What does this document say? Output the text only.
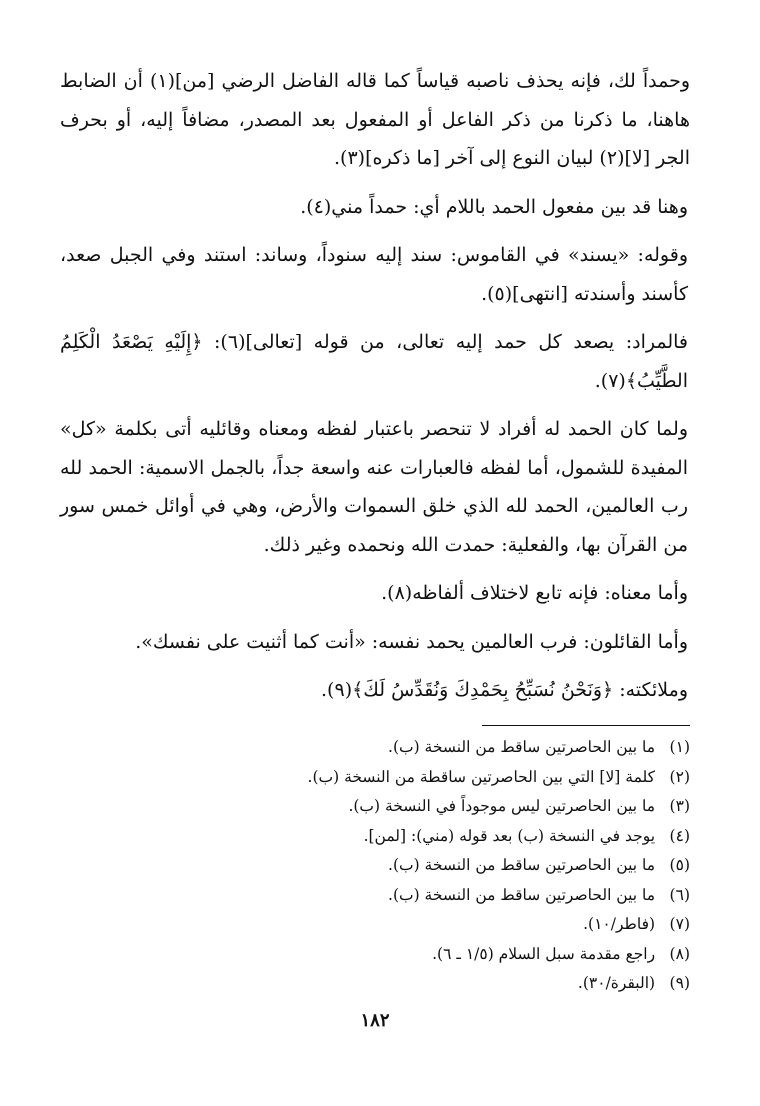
وحمداً لك، فإنه يحذف ناصبه قياساً كما قاله الفاضل الرضي [من](١) أن الضابط هاهنا، ما ذكرنا من ذكر الفاعل أو المفعول بعد المصدر، مضافاً إليه، أو بحرف الجر [لا](٢) لبيان النوع إلى آخر [ما ذكره](٣).

وهنا قد بين مفعول الحمد باللام أي: حمداً مني(٤).

وقوله: «يسند» في القاموس: سند إليه سنوداً، وساند: استند وفي الجبل صعد، كأسند وأسندته [انتهى](٥).

فالمراد: يصعد كل حمد إليه تعالى، من قوله [تعالى](٦): ﴿إِلَيْهِ يَصْعَدُ الْكَلِمُ الطَّيِّبُ﴾(٧).

ولما كان الحمد له أفراد لا تنحصر باعتبار لفظه ومعناه وقائليه أتى بكلمة «كل» المفيدة للشمول، أما لفظه فالعبارات عنه واسعة جداً، بالجمل الاسمية: الحمد لله رب العالمين، الحمد لله الذي خلق السموات والأرض، وهي في أوائل خمس سور من القرآن بها، والفعلية: حمدت الله ونحمده وغير ذلك.

وأما معناه: فإنه تابع لاختلاف ألفاظه(٨).

وأما القائلون: فرب العالمين يحمد نفسه: «أنت كما أثنيت على نفسك».

وملائكته: ﴿وَنَحْنُ نُسَبِّحُ بِحَمْدِكَ وَنُقَدِّسُ لَكَ﴾(٩).

(١) ما بين الحاصرتين ساقط من النسخة (ب).

(٢) كلمة [لا] التي بين الحاصرتين ساقطة من النسخة (ب).

(٣) ما بين الحاصرتين ليس موجوداً في النسخة (ب).

(٤) يوجد في النسخة (ب) بعد قوله (مني): [لمن].

(٥) ما بين الحاصرتين ساقط من النسخة (ب).

(٦) ما بين الحاصرتين ساقط من النسخة (ب).

(٧) (فاطر/١٠).

(٨) راجع مقدمة سبل السلام (١/٥ ـ ٦).

(٩) (البقرة/٣٠).

١٨٢
